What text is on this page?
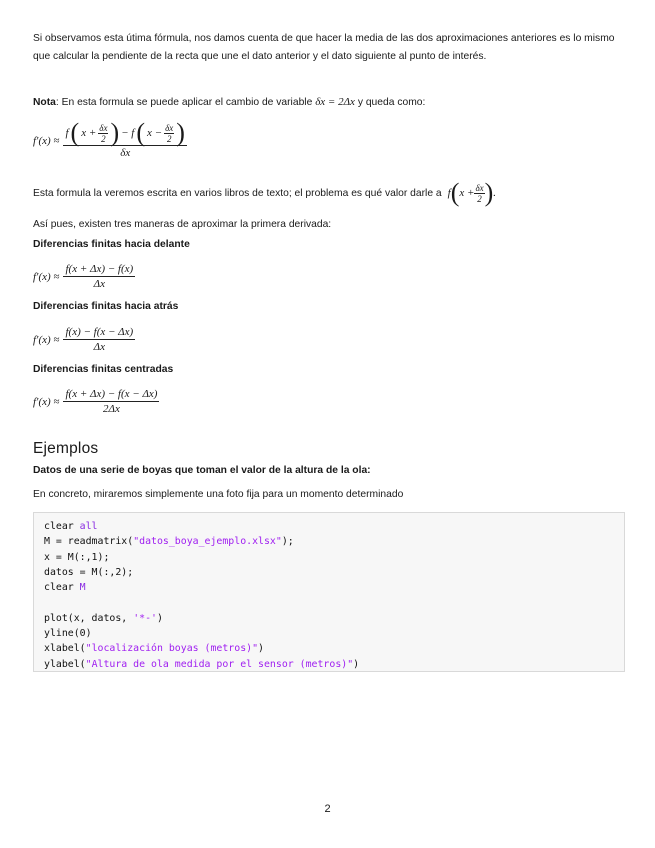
Si observamos esta útima fórmula, nos damos cuenta de que hacer la media de las dos aproximaciones anteriores es lo mismo que calcular la pendiente de la recta que une el dato anterior y el dato siguiente al punto de interés.

Nota: En esta formula se puede aplicar el cambio de variable δx = 2Δx y queda como:

$f'(x) \approx \frac{f ( x + \frac{\delta x}{2} ) - f ( x - \frac{\delta x}{2} )}{\delta x}$
Esta formula la veremos escrita en varios libros de texto; el problema es qué valor darle a f ( $x + \frac{\delta x}{2}$ ) .

Así pues, existen tres maneras de aproximar la primera derivada:

Diferencias finitas hacia delante
$f'(x) \approx \frac{f(x + \Delta x) - f(x)}{\Delta x}$
Diferencias finitas hacia atrás
$f'(x) \approx \frac{f(x) - f(x - \Delta x)}{\Delta x}$
Diferencias finitas centradas
$f'(x) \approx \frac{f(x + \Delta x) - f(x - \Delta x)}{2\Delta x}$
Ejemplos
Datos de una serie de boyas que toman el valor de la altura de la ola:

En concreto, miraremos simplemente una foto fija para un momento determinado

clear all
M = readmatrix("datos_boya_ejemplo.xlsx");
x = M(:,1);
datos = M(:,2);
clear M

plot(x, datos, '*-')
yline(0)
xlabel("localización boyas (metros)")
ylabel("Altura de ola medida por el sensor (metros)")
2
